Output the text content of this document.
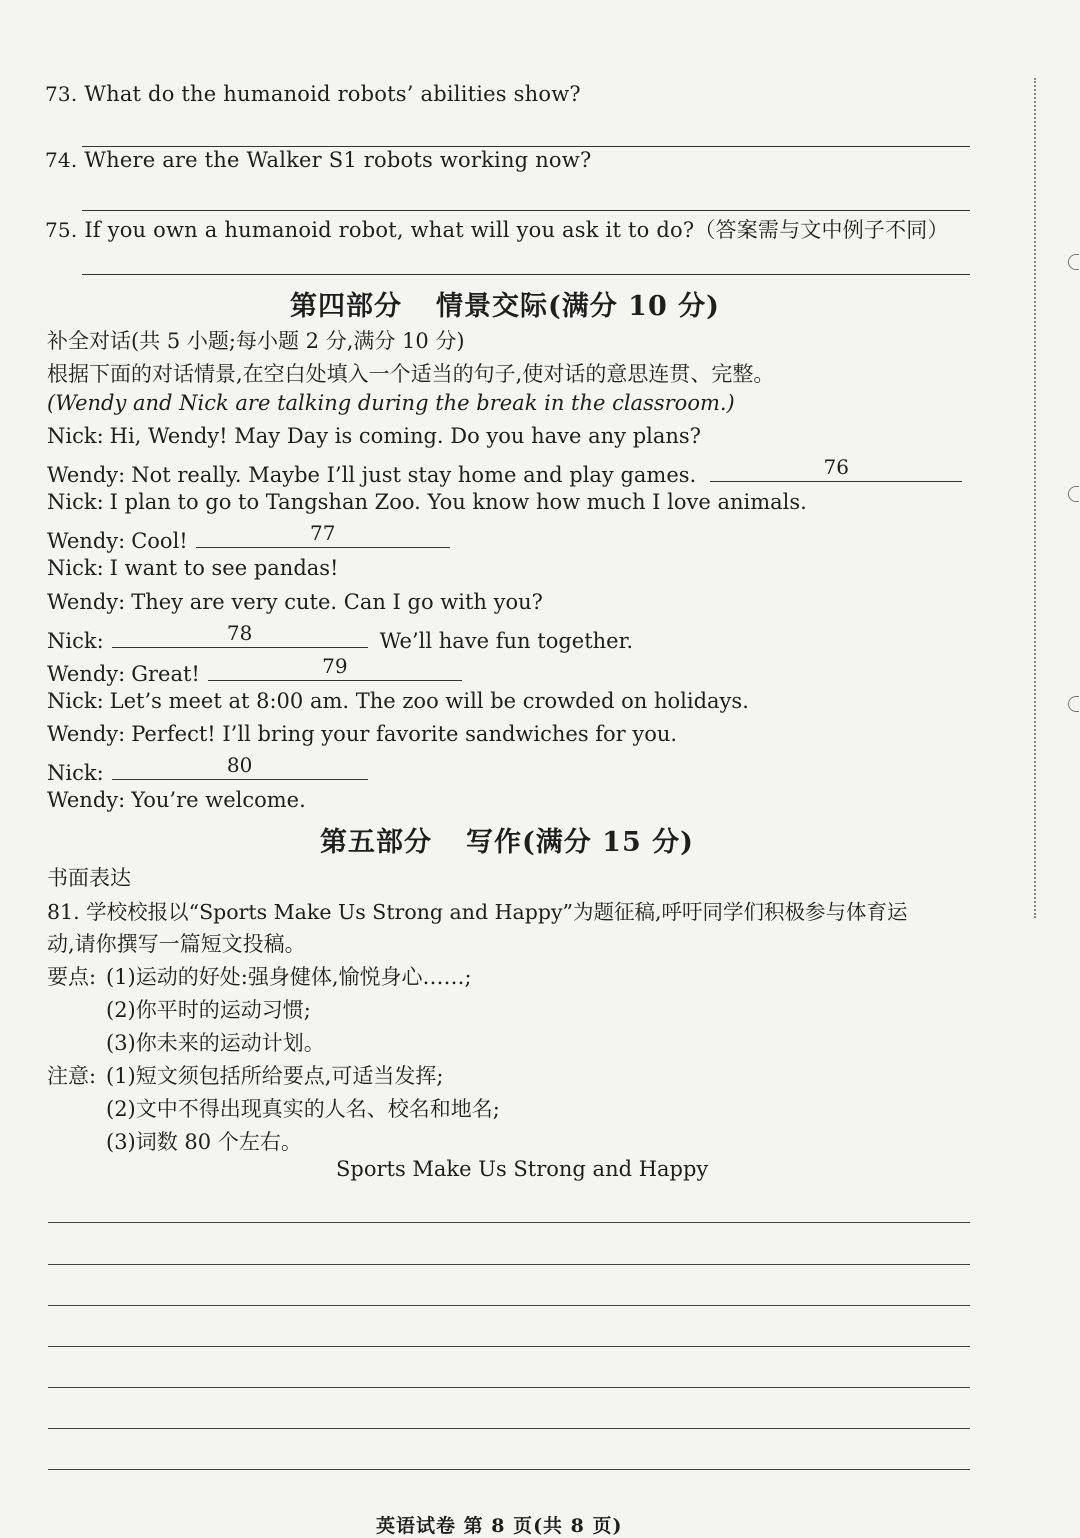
73. What do the humanoid robots’ abilities show?
74. Where are the Walker S1 robots working now?
75. If you own a humanoid robot, what will you ask it to do?（答案需与文中例子不同）
第四部分 情景交际(满分 10 分)
补全对话(共 5 小题;每小题 2 分,满分 10 分)
根据下面的对话情景,在空白处填入一个适当的句子,使对话的意思连贯、完整。
(Wendy and Nick are talking during the break in the classroom.)
Nick: Hi, Wendy! May Day is coming. Do you have any plans?
Wendy: Not really. Maybe I’ll just stay home and play games.	76
Nick: I plan to go to Tangshan Zoo. You know how much I love animals.
Wendy: Cool!	77
Nick: I want to see pandas!
Wendy: They are very cute. Can I go with you?
Nick:	78	We’ll have fun together.
Wendy: Great!	79
Nick: Let’s meet at 8:00 am. The zoo will be crowded on holidays.
Wendy: Perfect! I’ll bring your favorite sandwiches for you.
Nick:	80
Wendy: You’re welcome.
第五部分 写作(满分 15 分)
书面表达
81. 学校校报以“Sports Make Us Strong and Happy”为题征稿,呼吁同学们积极参与体育运
动,请你撰写一篇短文投稿。
要点: (1)运动的好处:强身健体,愉悦身心……;
(2)你平时的运动习惯;
(3)你未来的运动计划。
注意: (1)短文须包括所给要点,可适当发挥;
(2)文中不得出现真实的人名、校名和地名;
(3)词数 80 个左右。
Sports Make Us Strong and Happy
英语试卷 第 8 页(共 8 页)
